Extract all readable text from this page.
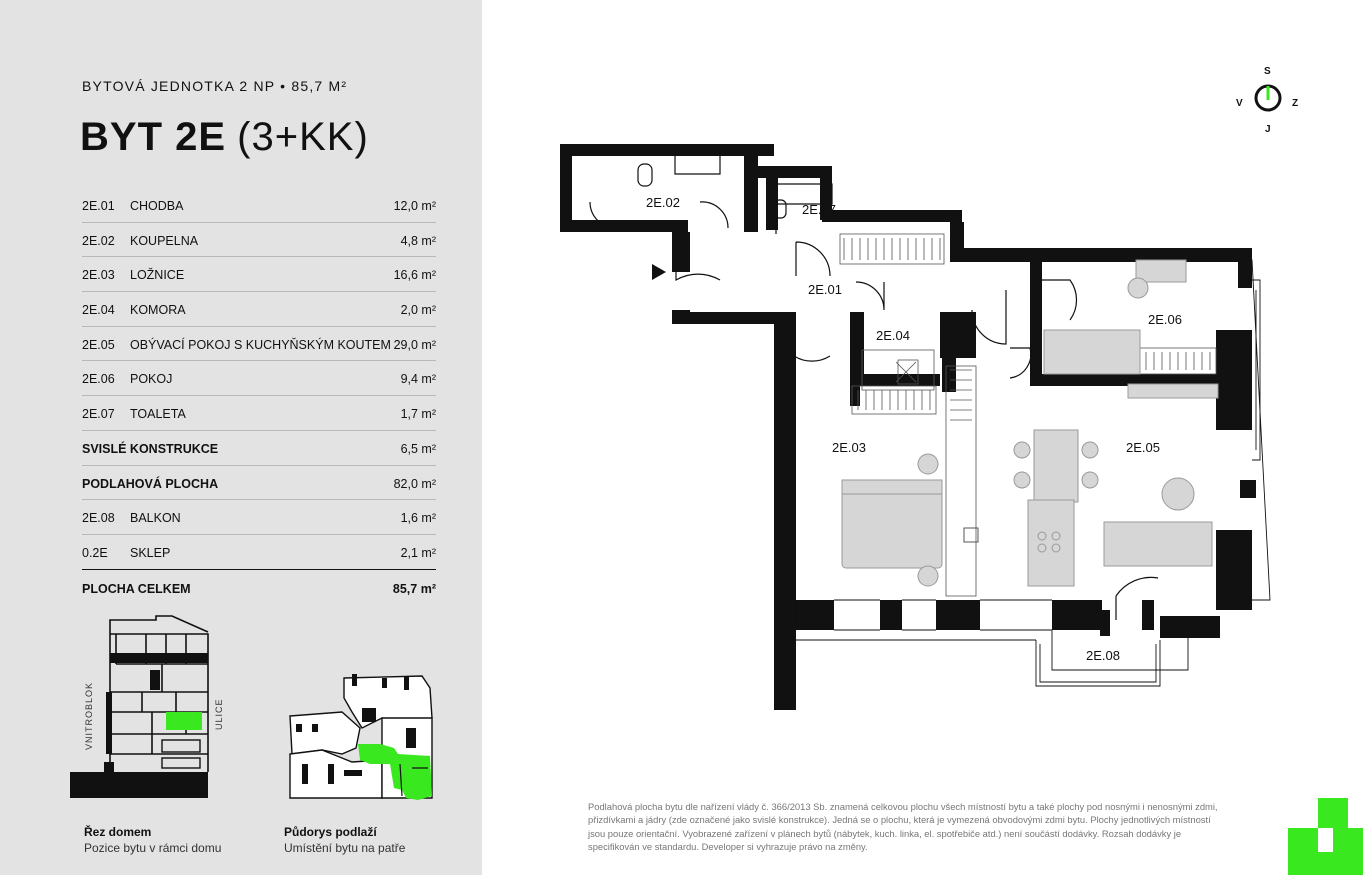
BYTOVÁ JEDNOTKA 2 NP • 85,7 M²
BYT 2E (3+KK)
2E.01 CHODBA	12,0 m²
2E.02 KOUPELNA	4,8 m²
2E.03 LOŽNICE	16,6 m²
2E.04 KOMORA	2,0 m²
2E.05 OBÝVACÍ POKOJ S KUCHYŇSKÝM KOUTEM 29,0 m²
2E.06 POKOJ	9,4 m²
2E.07 TOALETA	1,7 m²
SVISLÉ KONSTRUKCE	6,5 m²
PODLAHOVÁ PLOCHA	82,0 m²
2E.08 BALKON	1,6 m²
0.2E SKLEP	2,1 m²
PLOCHA CELKEM	85,7 m²
VNITROBLOK	ULICE
Řez domem
Pozice bytu v rámci domu
Půdorys podlaží
Umístění bytu na patře
2E.02	2E.07
2E.01
2E.04
2E.06
2E.03	2E.05
2E.08
S
J
V	Z
Podlahová plocha bytu dle nařízení vlády č. 366/2013 Sb. znamená celkovou plochu všech místností bytu a také plochy pod nosnými i nenosnými zdmi, přizdívkami a jádry (zde označené jako svislé konstrukce). Jedná se o plochu, která je vymezená obvodovými zdmi bytu. Plochy jednotlivých místností jsou pouze orientační. Vyobrazené zařízení v plánech bytů (nábytek, kuch. linka, el. spotřebiče atd.) není součástí dodávky. Rozsah dodávky je specifikován ve standardu. Developer si vyhrazuje právo na změny.
